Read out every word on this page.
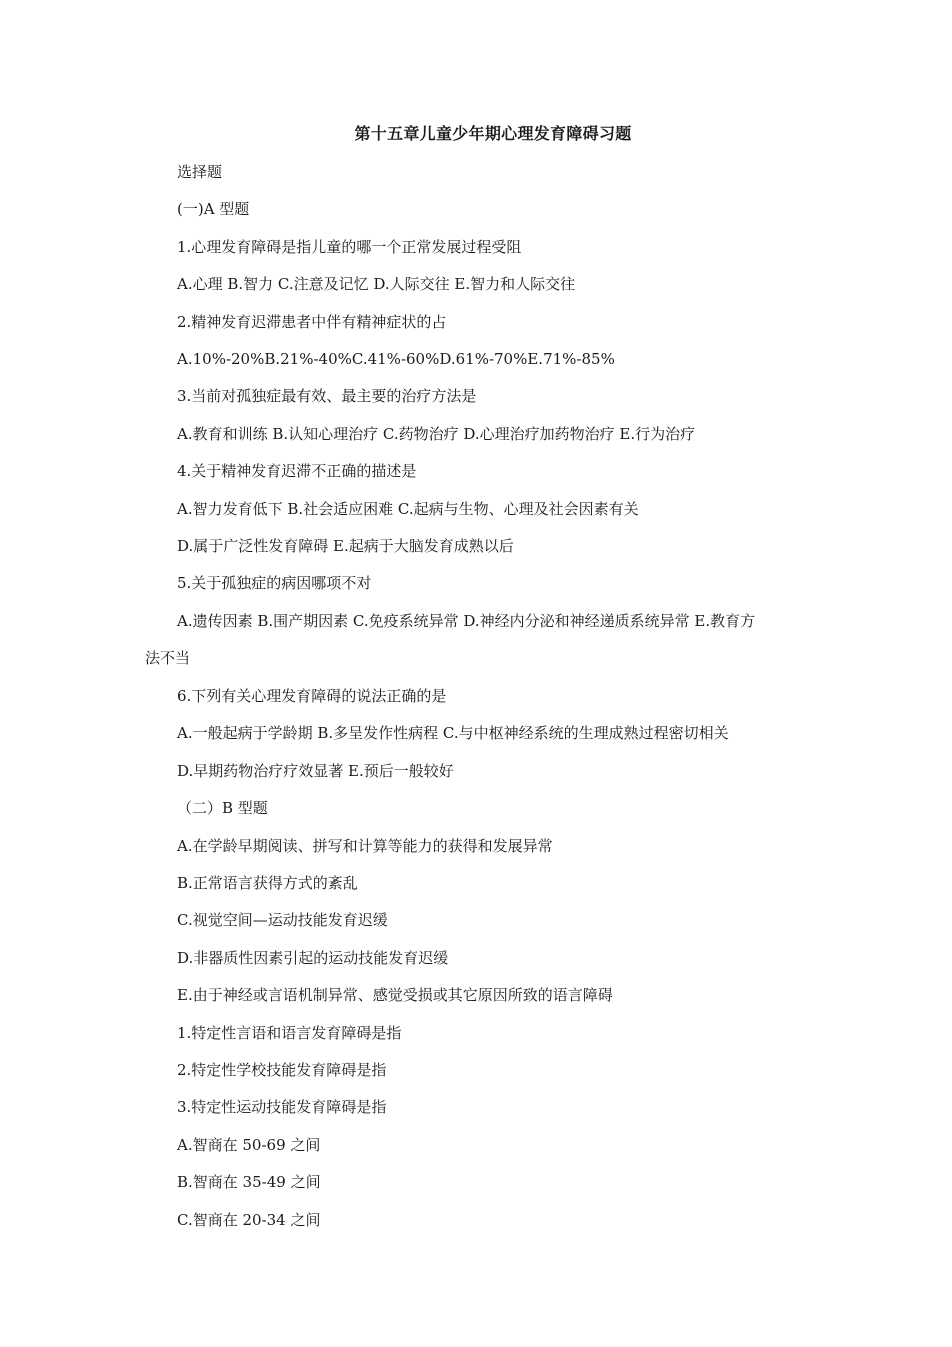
第十五章儿童少年期心理发育障碍习题
选择题
(一)A 型题
1.心理发育障碍是指儿童的哪一个正常发展过程受阻
A.心理 B.智力 C.注意及记忆 D.人际交往 E.智力和人际交往
2.精神发育迟滞患者中伴有精神症状的占
A.10%-20%B.21%-40%C.41%-60%D.61%-70%E.71%-85%
3.当前对孤独症最有效、最主要的治疗方法是
A.教育和训练 B.认知心理治疗 C.药物治疗 D.心理治疗加药物治疗 E.行为治疗
4.关于精神发育迟滞不正确的描述是
A.智力发育低下 B.社会适应困难 C.起病与生物、心理及社会因素有关
D.属于广泛性发育障碍 E.起病于大脑发育成熟以后
5.关于孤独症的病因哪项不对
A.遗传因素 B.围产期因素 C.免疫系统异常 D.神经内分泌和神经递质系统异常 E.教育方
法不当
6.下列有关心理发育障碍的说法正确的是
A.一般起病于学龄期 B.多呈发作性病程 C.与中枢神经系统的生理成熟过程密切相关
D.早期药物治疗疗效显著 E.预后一般较好
（二）B 型题
A.在学龄早期阅读、拼写和计算等能力的获得和发展异常
B.正常语言获得方式的紊乱
C.视觉空间—运动技能发育迟缓
D.非器质性因素引起的运动技能发育迟缓
E.由于神经或言语机制异常、感觉受损或其它原因所致的语言障碍
1.特定性言语和语言发育障碍是指
2.特定性学校技能发育障碍是指
3.特定性运动技能发育障碍是指
A.智商在 50-69 之间
B.智商在 35-49 之间
C.智商在 20-34 之间
